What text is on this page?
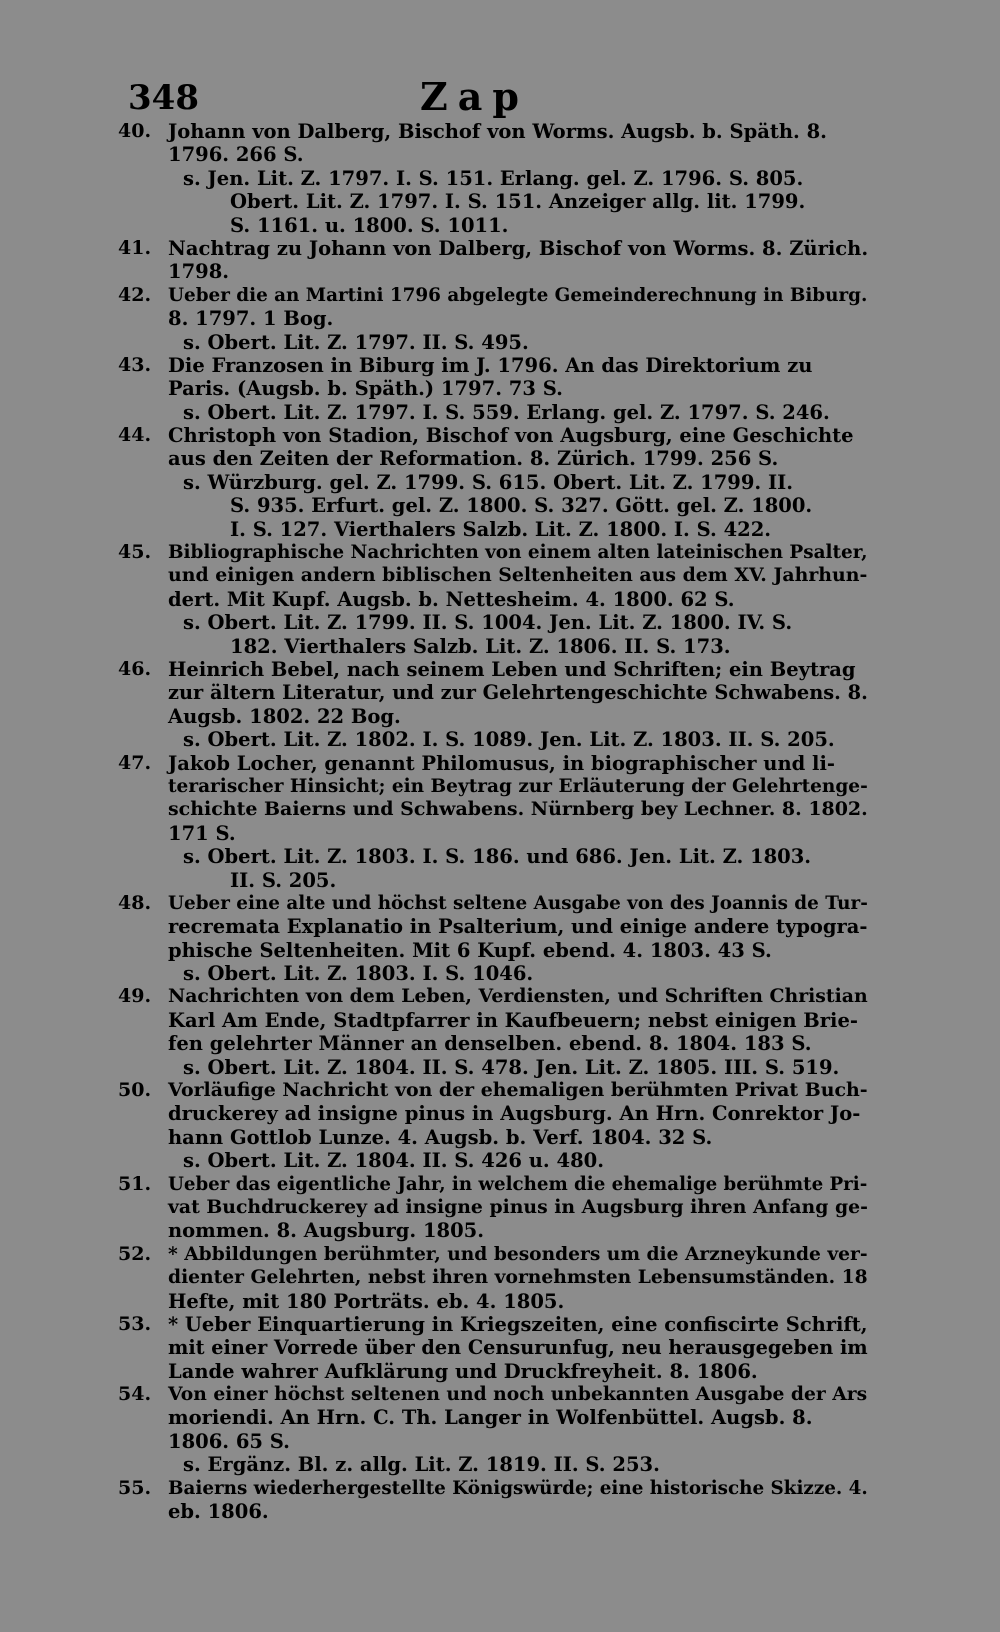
348	Zap
40. Johann von Dalberg, Bischof von Worms. Augsb. b. Späth. 8.
1796. 266 S.
s. Jen. Lit. Z. 1797. I. S. 151. Erlang. gel. Z. 1796. S. 805.
Obert. Lit. Z. 1797. I. S. 151. Anzeiger allg. lit. 1799.
S. 1161. u. 1800. S. 1011.
41. Nachtrag zu Johann von Dalberg, Bischof von Worms. 8. Zürich.
1798.
42. Ueber die an Martini 1796 abgelegte Gemeinderechnung in Biburg.
8. 1797. 1 Bog.
s. Obert. Lit. Z. 1797. II. S. 495.
43. Die Franzosen in Biburg im J. 1796. An das Direktorium zu
Paris. (Augsb. b. Späth.) 1797. 73 S.
s. Obert. Lit. Z. 1797. I. S. 559. Erlang. gel. Z. 1797. S. 246.
44. Christoph von Stadion, Bischof von Augsburg, eine Geschichte
aus den Zeiten der Reformation. 8. Zürich. 1799. 256 S.
s. Würzburg. gel. Z. 1799. S. 615. Obert. Lit. Z. 1799. II.
S. 935. Erfurt. gel. Z. 1800. S. 327. Gött. gel. Z. 1800.
I. S. 127. Vierthalers Salzb. Lit. Z. 1800. I. S. 422.
45. Bibliographische Nachrichten von einem alten lateinischen Psalter,
und einigen andern biblischen Seltenheiten aus dem XV. Jahrhun-
dert. Mit Kupf. Augsb. b. Nettesheim. 4. 1800. 62 S.
s. Obert. Lit. Z. 1799. II. S. 1004. Jen. Lit. Z. 1800. IV. S.
182. Vierthalers Salzb. Lit. Z. 1806. II. S. 173.
46. Heinrich Bebel, nach seinem Leben und Schriften; ein Beytrag
zur ältern Literatur, und zur Gelehrtengeschichte Schwabens. 8.
Augsb. 1802. 22 Bog.
s. Obert. Lit. Z. 1802. I. S. 1089. Jen. Lit. Z. 1803. II. S. 205.
47. Jakob Locher, genannt Philomusus, in biographischer und li-
terarischer Hinsicht; ein Beytrag zur Erläuterung der Gelehrtenge-
schichte Baierns und Schwabens. Nürnberg bey Lechner. 8. 1802.
171 S.
s. Obert. Lit. Z. 1803. I. S. 186. und 686. Jen. Lit. Z. 1803.
II. S. 205.
48. Ueber eine alte und höchst seltene Ausgabe von des Joannis de Tur-
recremata Explanatio in Psalterium, und einige andere typogra-
phische Seltenheiten. Mit 6 Kupf. ebend. 4. 1803. 43 S.
s. Obert. Lit. Z. 1803. I. S. 1046.
49. Nachrichten von dem Leben, Verdiensten, und Schriften Christian
Karl Am Ende, Stadtpfarrer in Kaufbeuern; nebst einigen Brie-
fen gelehrter Männer an denselben. ebend. 8. 1804. 183 S.
s. Obert. Lit. Z. 1804. II. S. 478. Jen. Lit. Z. 1805. III. S. 519.
50. Vorläufige Nachricht von der ehemaligen berühmten Privat Buch-
druckerey ad insigne pinus in Augsburg. An Hrn. Conrektor Jo-
hann Gottlob Lunze. 4. Augsb. b. Verf. 1804. 32 S.
s. Obert. Lit. Z. 1804. II. S. 426 u. 480.
51. Ueber das eigentliche Jahr, in welchem die ehemalige berühmte Pri-
vat Buchdruckerey ad insigne pinus in Augsburg ihren Anfang ge-
nommen. 8. Augsburg. 1805.
52. * Abbildungen berühmter, und besonders um die Arzneykunde ver-
dienter Gelehrten, nebst ihren vornehmsten Lebensumständen. 18
Hefte, mit 180 Porträts. eb. 4. 1805.
53. * Ueber Einquartierung in Kriegszeiten, eine confiscirte Schrift,
mit einer Vorrede über den Censurunfug, neu herausgegeben im
Lande wahrer Aufklärung und Druckfreyheit. 8. 1806.
54. Von einer höchst seltenen und noch unbekannten Ausgabe der Ars
moriendi. An Hrn. C. Th. Langer in Wolfenbüttel. Augsb. 8.
1806. 65 S.
s. Ergänz. Bl. z. allg. Lit. Z. 1819. II. S. 253.
55. Baierns wiederhergestellte Königswürde; eine historische Skizze. 4.
eb. 1806.
